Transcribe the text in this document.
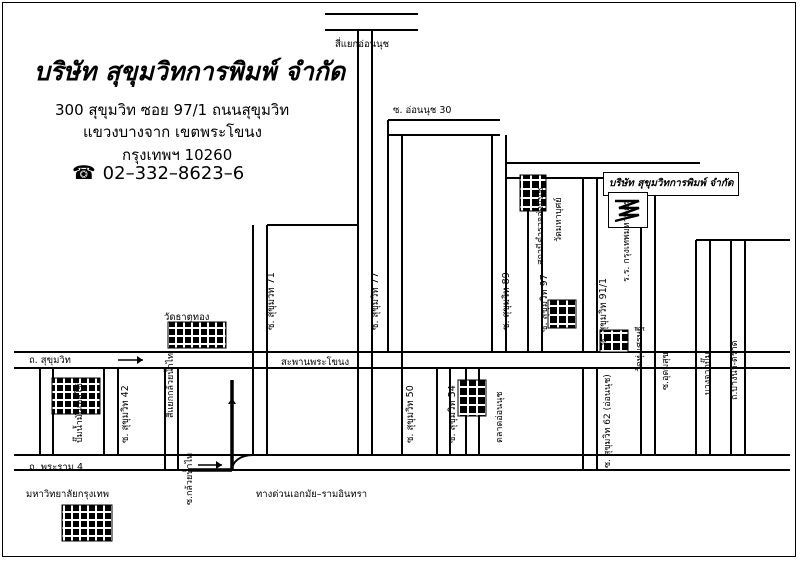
บริษัท สุขุมวิทการพิมพ์ จำกัด
300 สุขุมวิท ซอย 97/1 ถนนสุขุมวิท
แขวงบางจาก เขตพระโขนง
กรุงเทพฯ 10260
☎ 02–332–8623–6	บริษัท สุขุมวิทการพิมพ์ จำกัด
สี่แยกอ่อนนุช
ซ. อ่อนนุช 30
วัดธาตุทอง
ถ. สุขุมวิท	สะพานพระโขนง
ถ. พระราม 4
มหาวิทยาลัยกรุงเทพ	ทางด่วนเอกมัย–รามอินทรา
ซ. สุขุมวิท 71	ซ. สุขุมวิท 77	ซ. สุขุมวิท 89	ซ. สุขุมวิท 91/1
ซ. สุขุมวิท 97
วัดมหาบุศย์
สถานีตำรวจอ่อนนุช	ร.ร. กรุงเทพมหานคร
วัดทุ่งเศรษฐี	ซ.อุดมสุข	ถ.บางนา-ตราด
บางจากปั๊ม
ซ. สุขุมวิท 50	ซ. สุขุมวิท 54	ตลาดอ่อนนุช	ซ. สุขุมวิท 62 (อ่อนนุช)
ซ. สุขุมวิท 42
ปั๊มน้ำมันเอสโซ่
ซ.กล้วยน้ำไท
สี่แยกกล้วยน้ำไท
